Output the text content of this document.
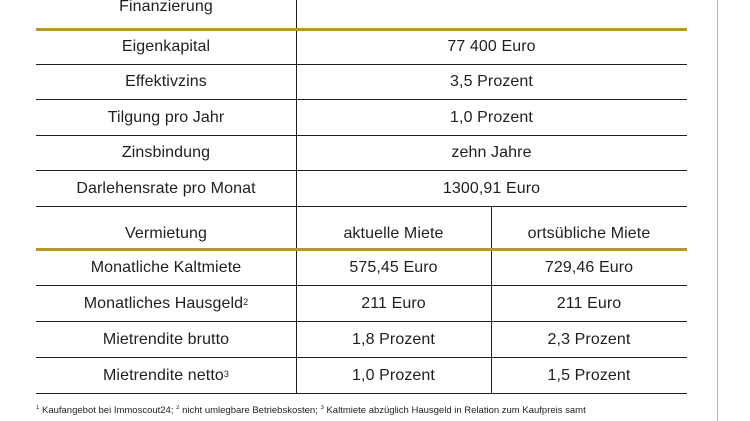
Finanzierung
Eigenkapital	77 400 Euro
Effektivzins	3,5 Prozent
Tilgung pro Jahr	1,0 Prozent
Zinsbindung	zehn Jahre
Darlehensrate pro Monat	1300,91 Euro
Vermietung	aktuelle Miete	ortsübliche Miete
Monatliche Kaltmiete	575,45 Euro	729,46 Euro
Monatliches Hausgeld$^2$	211 Euro	211 Euro
Mietrendite brutto	1,8 Prozent	2,3 Prozent
Mietrendite netto$^3$	1,0 Prozent	1,5 Prozent
$^1$ Kaufangebot bei Immoscout24; $^2$ nicht umlegbare Betriebskosten; $^3$ Kaltmiete abzüglich Hausgeld in Relation zum Kaufpreis samt
